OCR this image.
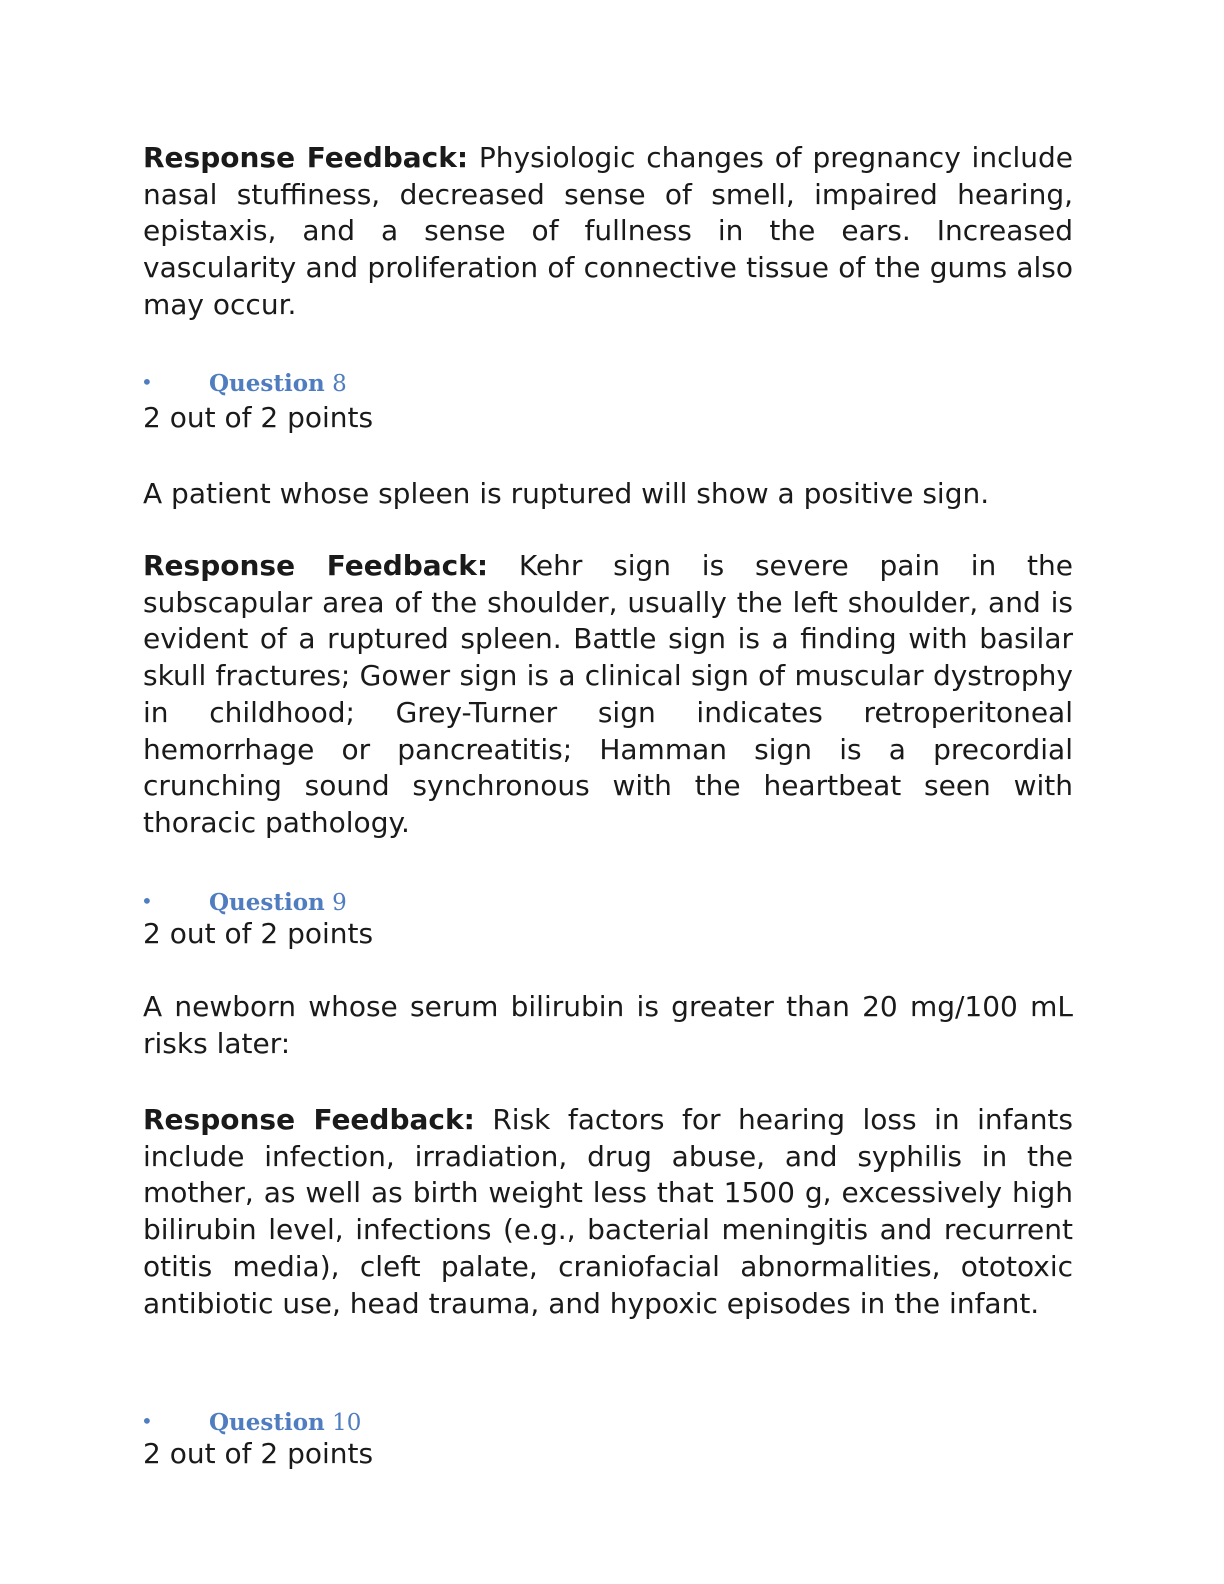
Response Feedback: Physiologic changes of pregnancy include nasal stuffiness, decreased sense of smell, impaired hearing, epistaxis, and a sense of fullness in the ears. Increased vascularity and proliferation of connective tissue of the gums also may occur.

• Question 8

2 out of 2 points

A patient whose spleen is ruptured will show a positive sign.

Response Feedback: Kehr sign is severe pain in the subscapular area of the shoulder, usually the left shoulder, and is evident of a ruptured spleen. Battle sign is a finding with basilar skull fractures; Gower sign is a clinical sign of muscular dystrophy in childhood; Grey-Turner sign indicates retroperitoneal hemorrhage or pancreatitis; Hamman sign is a precordial crunching sound synchronous with the heartbeat seen with thoracic pathology.

• Question 9

2 out of 2 points

A newborn whose serum bilirubin is greater than 20 mg/100 mL risks later:

Response Feedback: Risk factors for hearing loss in infants include infection, irradiation, drug abuse, and syphilis in the mother, as well as birth weight less that 1500 g, excessively high bilirubin level, infections (e.g., bacterial meningitis and recurrent otitis media), cleft palate, craniofacial abnormalities, ototoxic antibiotic use, head trauma, and hypoxic episodes in the infant.

• Question 10

2 out of 2 points
